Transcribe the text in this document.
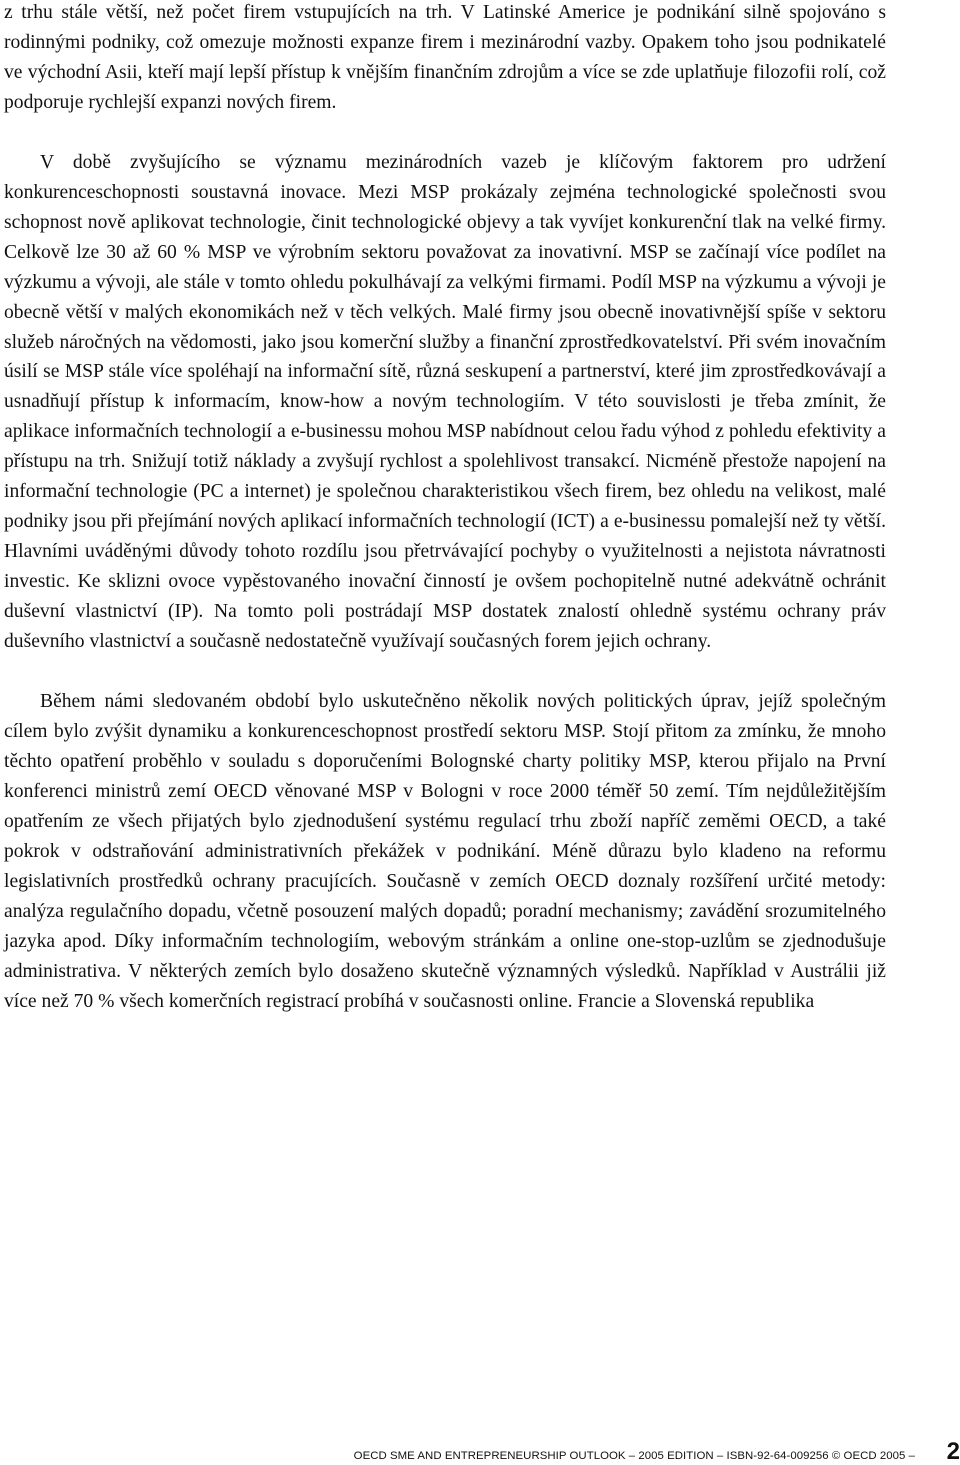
z trhu stále větší, než počet firem vstupujících na trh. V Latinské Americe je podnikání silně spojováno s rodinnými podniky, což omezuje možnosti expanze firem i mezinárodní vazby. Opakem toho jsou podnikatelé ve východní Asii, kteří mají lepší přístup k vnějším finančním zdrojům a více se zde uplatňuje filozofii rolí, což podporuje rychlejší expanzi nových firem.

V době zvyšujícího se významu mezinárodních vazeb je klíčovým faktorem pro udržení konkurenceschopnosti soustavná inovace. Mezi MSP prokázaly zejména technologické společnosti svou schopnost nově aplikovat technologie, činit technologické objevy a tak vyvíjet konkurenční tlak na velké firmy. Celkově lze 30 až 60 % MSP ve výrobním sektoru považovat za inovativní. MSP se začínají více podílet na výzkumu a vývoji, ale stále v tomto ohledu pokulhávají za velkými firmami. Podíl MSP na výzkumu a vývoji je obecně větší v malých ekonomikách než v těch velkých. Malé firmy jsou obecně inovativnější spíše v sektoru služeb náročných na vědomosti, jako jsou komerční služby a finanční zprostředkovatelství. Při svém inovačním úsilí se MSP stále více spoléhají na informační sítě, různá seskupení a partnerství, které jim zprostředkovávají a usnadňují přístup k informacím, know-how a novým technologiím. V této souvislosti je třeba zmínit, že aplikace informačních technologií a e-businessu mohou MSP nabídnout celou řadu výhod z pohledu efektivity a přístupu na trh. Snižují totiž náklady a zvyšují rychlost a spolehlivost transakcí. Nicméně přestože napojení na informační technologie (PC a internet) je společnou charakteristikou všech firem, bez ohledu na velikost, malé podniky jsou při přejímání nových aplikací informačních technologií (ICT) a e-businessu pomalejší než ty větší. Hlavními uváděnými důvody tohoto rozdílu jsou přetrvávající pochyby o využitelnosti a nejistota návratnosti investic. Ke sklizni ovoce vypěstovaného inovační činností je ovšem pochopitelně nutné adekvátně ochránit duševní vlastnictví (IP). Na tomto poli postrádají MSP dostatek znalostí ohledně systému ochrany práv duševního vlastnictví a současně nedostatečně využívají současných forem jejich ochrany.

Během námi sledovaném období bylo uskutečněno několik nových politických úprav, jejíž společným cílem bylo zvýšit dynamiku a konkurenceschopnost prostředí sektoru MSP. Stojí přitom za zmínku, že mnoho těchto opatření proběhlo v souladu s doporučeními Bolognské charty politiky MSP, kterou přijalo na První konferenci ministrů zemí OECD věnované MSP v Bologni v roce 2000 téměř 50 zemí. Tím nejdůležitějším opatřením ze všech přijatých bylo zjednodušení systému regulací trhu zboží napříč zeměmi OECD, a také pokrok v odstraňování administrativních překážek v podnikání. Méně důrazu bylo kladeno na reformu legislativních prostředků ochrany pracujících. Současně v zemích OECD doznaly rozšíření určité metody: analýza regulačního dopadu, včetně posouzení malých dopadů; poradní mechanismy; zavádění srozumitelného jazyka apod. Díky informačním technologiím, webovým stránkám a online one-stop-uzlům se zjednodušuje administrativa. V některých zemích bylo dosaženo skutečně významných výsledků. Například v Austrálii již více než 70 % všech komerčních registrací probíhá v současnosti online. Francie a Slovenská republika

OECD SME AND ENTREPRENEURSHIP OUTLOOK – 2005 EDITION – ISBN-92-64-009256 © OECD 2005 – 2
